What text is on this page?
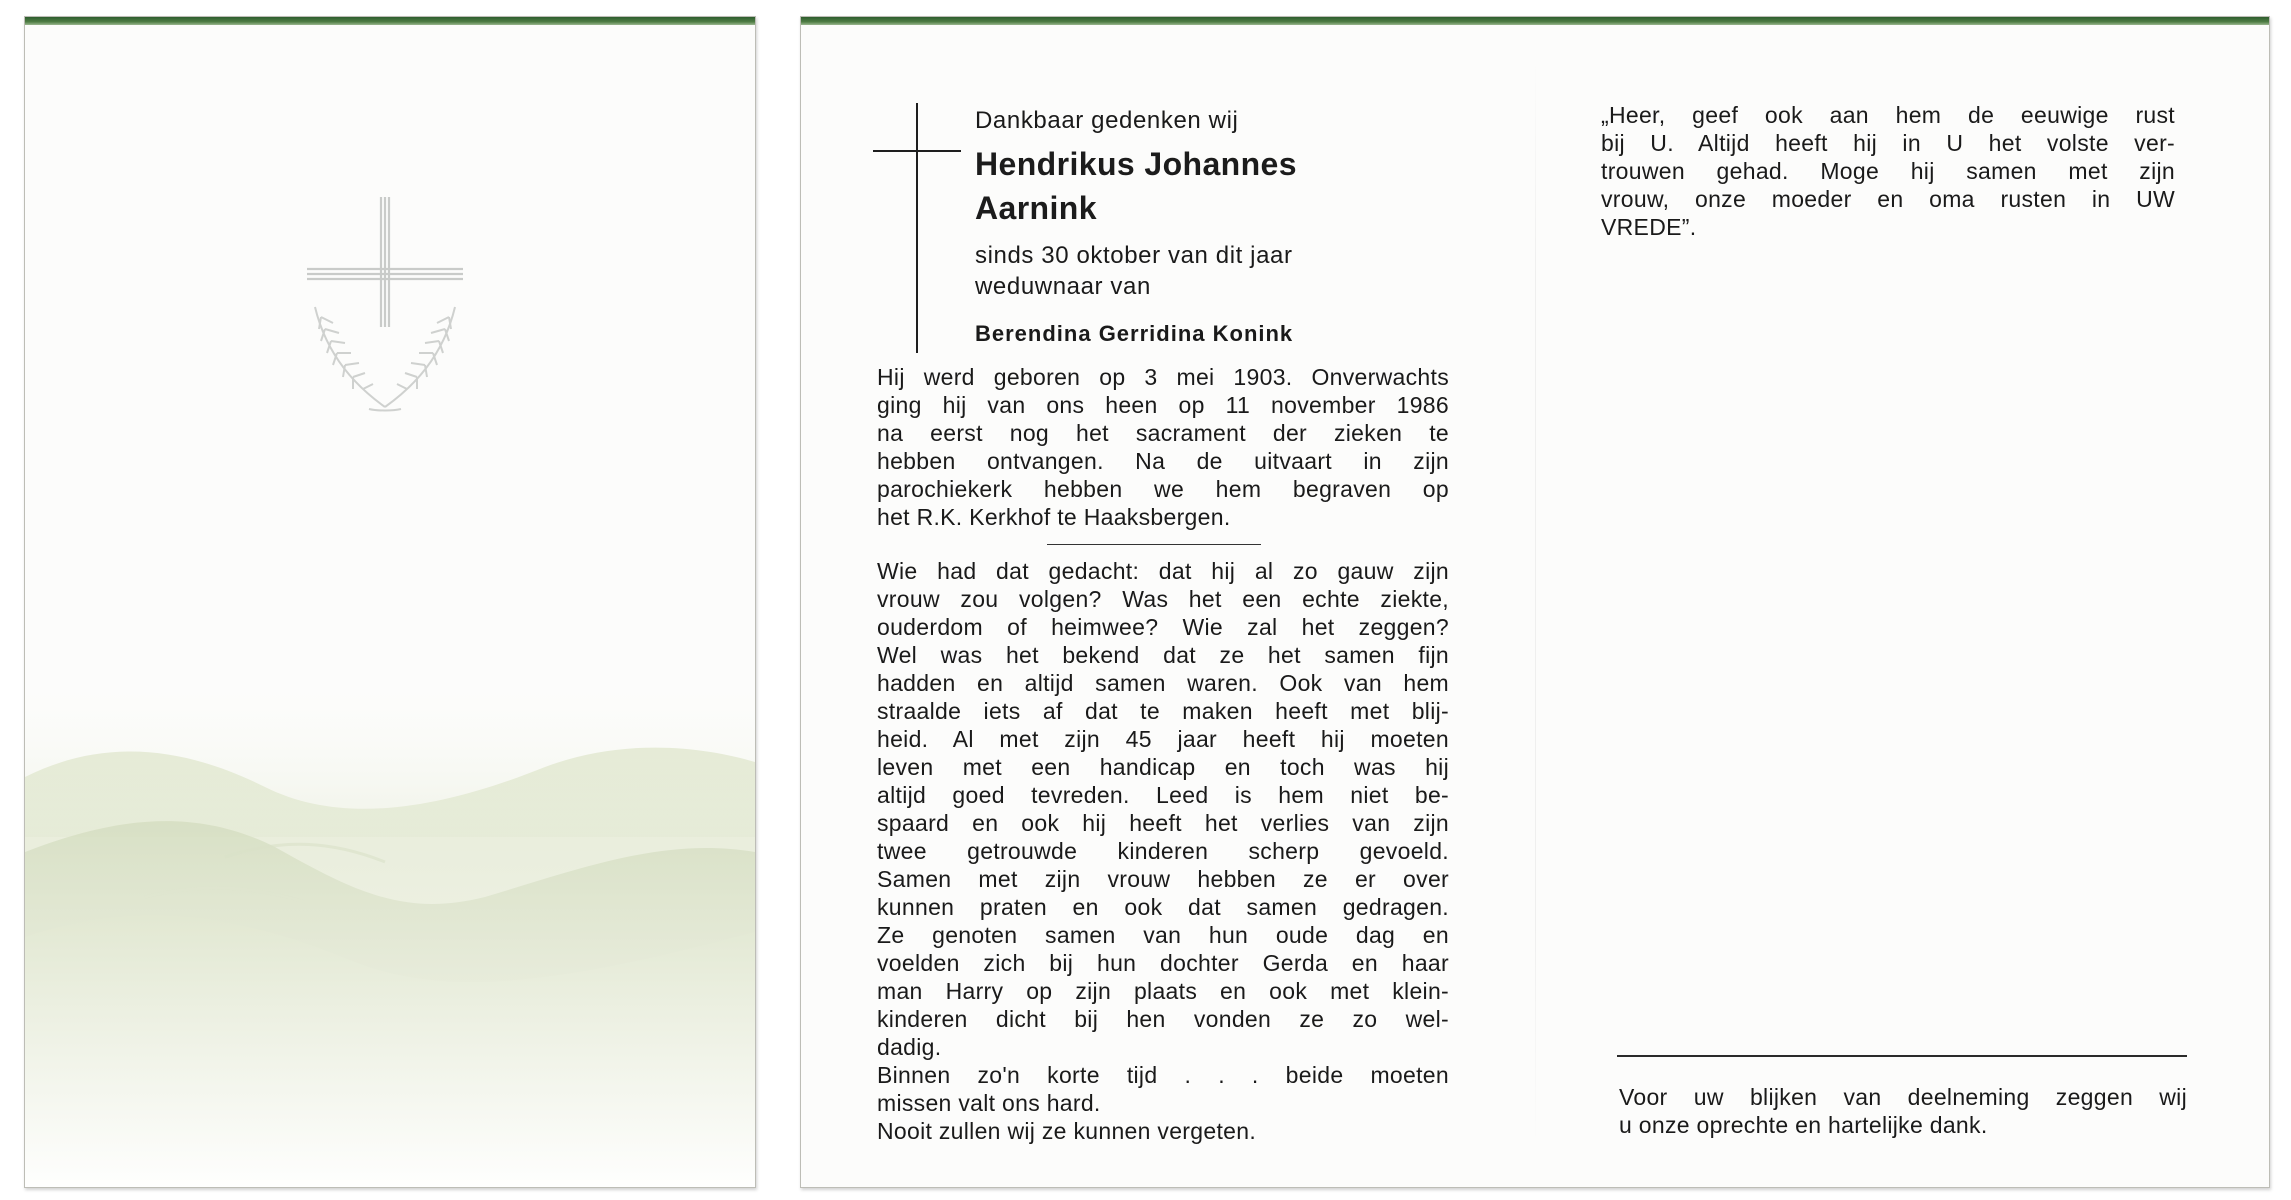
Dankbaar gedenken wij
Hendrikus Johannes
Aarnink
sinds 30 oktober van dit jaar
weduwnaar van
Berendina Gerridina Konink
Hij werd geboren op 3 mei 1903. Onverwachts
ging hij van ons heen op 11 november 1986
na eerst nog het sacrament der zieken te
hebben ontvangen. Na de uitvaart in zijn
parochiekerk hebben we hem begraven op
het R.K. Kerkhof te Haaksbergen.
Wie had dat gedacht: dat hij al zo gauw zijn
vrouw zou volgen? Was het een echte ziekte,
ouderdom of heimwee? Wie zal het zeggen?
Wel was het bekend dat ze het samen fijn
hadden en altijd samen waren. Ook van hem
straalde iets af dat te maken heeft met blij-
heid. Al met zijn 45 jaar heeft hij moeten
leven met een handicap en toch was hij
altijd goed tevreden. Leed is hem niet be-
spaard en ook hij heeft het verlies van zijn
twee getrouwde kinderen scherp gevoeld.
Samen met zijn vrouw hebben ze er over
kunnen praten en ook dat samen gedragen.
Ze genoten samen van hun oude dag en
voelden zich bij hun dochter Gerda en haar
man Harry op zijn plaats en ook met klein-
kinderen dicht bij hen vonden ze zo wel-
dadig.
Binnen zo'n korte tijd . . . beide moeten
missen valt ons hard.
Nooit zullen wij ze kunnen vergeten.
„Heer, geef ook aan hem de eeuwige rust
bij U. Altijd heeft hij in U het volste ver-
trouwen gehad. Moge hij samen met zijn
vrouw, onze moeder en oma rusten in UW
VREDE”.
Voor uw blijken van deelneming zeggen wij
u onze oprechte en hartelijke dank.
